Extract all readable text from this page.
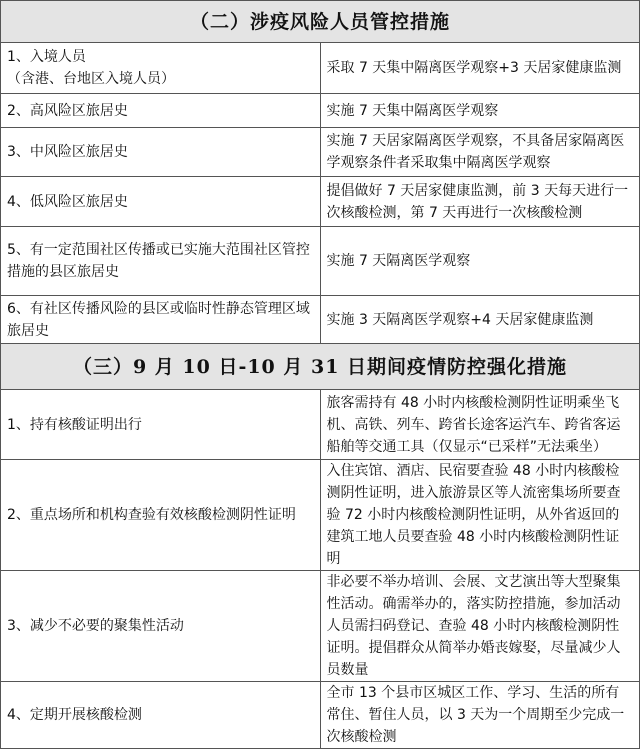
（二）涉疫风险人员管控措施	

1、入境人员
（含港、台地区入境人员）	采取 7 天集中隔离医学观察+3 天居家健康监测
2、高风险区旅居史	实施 7 天集中隔离医学观察
3、中风险区旅居史	实施 7 天居家隔离医学观察，不具备居家隔离医学观察条件者采取集中隔离医学观察
4、低风险区旅居史	提倡做好 7 天居家健康监测，前 3 天每天进行一次核酸检测，第 7 天再进行一次核酸检测
5、有一定范围社区传播或已实施大范围社区管控措施的县区旅居史	实施 7 天隔离医学观察
6、有社区传播风险的县区或临时性静态管理区域旅居史	实施 3 天隔离医学观察+4 天居家健康监测
（三）9 月 10 日-10 月 31 日期间疫情防控强化措施	
1、持有核酸证明出行	旅客需持有 48 小时内核酸检测阴性证明乘坐飞机、高铁、列车、跨省长途客运汽车、跨省客运船舶等交通工具（仅显示“已采样”无法乘坐）
2、重点场所和机构查验有效核酸检测阴性证明	入住宾馆、酒店、民宿要查验 48 小时内核酸检测阴性证明，进入旅游景区等人流密集场所要查验 72 小时内核酸检测阴性证明，从外省返回的建筑工地人员要查验 48 小时内核酸检测阴性证明
3、减少不必要的聚集性活动	非必要不举办培训、会展、文艺演出等大型聚集性活动。确需举办的，落实防控措施，参加活动人员需扫码登记、查验 48 小时内核酸检测阴性证明。提倡群众从简举办婚丧嫁娶，尽量减少人员数量
4、定期开展核酸检测	全市 13 个县市区城区工作、学习、生活的所有常住、暂住人员，以 3 天为一个周期至少完成一次核酸检测
